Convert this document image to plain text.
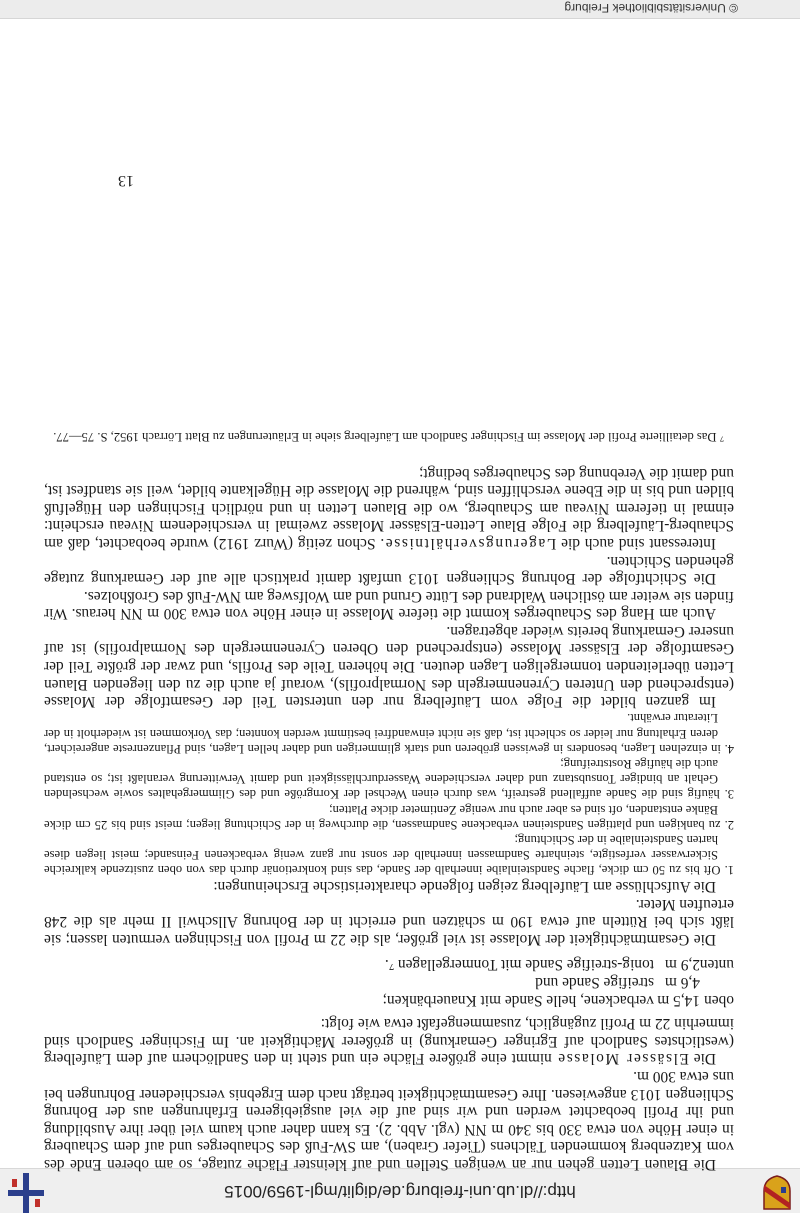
http://dl.ub.uni-freiburg.de/diglit/mgl-1959/0015

Die Blauen Letten gehen nur an wenigen Stellen und auf kleinster Fläche zutage, so am oberen Ende des vom Katzenberg kommenden Tälchens (Tiefer Graben), am SW-Fuß des Schauberges und auf dem Schauberg in einer Höhe von etwa 330 bis 340 m NN (vgl. Abb. 2). Es kann daher auch kaum viel über ihre Ausbildung und ihr Profil beobachtet werden und wir sind auf die viel ausgiebigeren Erfahrungen aus der Bohrung Schliengen 1013 angewiesen. Ihre Gesamtmächtigkeit beträgt nach dem Ergebnis verschiedener Bohrungen bei uns etwa 300 m.

Die Elsässer Molasse nimmt eine größere Fläche ein und steht in den Sandlöchern auf dem Läufelberg (westlichstes Sandloch auf Egringer Gemarkung) in größerer Mächtigkeit an. Im Fischinger Sandloch sind immerhin 22 m Profil zugänglich, zusammengefaßt etwa wie folgt:

oben
14,5 m
verbackene, helle Sande mit Knauerbänken;
4,6 m
streifige Sande und
unten
2,9 m
tonig-streifige Sande mit Tonmergellagen ⁷.

Die Gesamtmächtigkeit der Molasse ist viel größer, als die 22 m Profil von Fischingen vermuten lassen; sie läßt sich bei Rütteln auf etwa 190 m schätzen und erreicht in der Bohrung Allschwil II mehr als die 248 erteuften Meter.

Die Aufschlüsse am Läufelberg zeigen folgende charakteristische Erscheinungen:

1. Oft bis zu 50 cm dicke, flache Sandsteinlaibe innerhalb der Sande, das sind konkretionär durch das von oben zusitzende kalkreiche Sickerwasser verfestigte, steinharte Sandmassen innerhalb der sonst nur ganz wenig verbackenen Feinsande; meist liegen diese harten Sandsteinlaibe in der Schichtung;

2. zu bankigen und plattigen Sandsteinen verbackene Sandmassen, die durchweg in der Schichtung liegen; meist sind bis 25 cm dicke Bänke entstanden, oft sind es aber auch nur wenige Zentimeter dicke Platten;

3. häufig sind die Sande auffallend gestreift, was durch einen Wechsel der Korngröße und des Glimmergehaltes sowie wechselnden Gehalt an bindiger Tonsubstanz und daher verschiedene Wasserdurchlässigkeit und damit Verwitterung veranlaßt ist; so entstand auch die häufige Roststreifung;

4. in einzelnen Lagen, besonders in gewissen gröberen und stark glimmerigen und daher hellen Lagen, sind Pflanzenreste angereichert, deren Erhaltung nur leider so schlecht ist, daß sie nicht einwandfrei bestimmt werden konnten; das Vorkommen ist wiederholt in der Literatur erwähnt.

Im ganzen bildet die Folge vom Läufelberg nur den untersten Teil der Gesamtfolge der Molasse (entsprechend den Unteren Cyrenenmergeln des Normalprofils), worauf ja auch die zu den liegenden Blauen Letten überleitenden tonmergeligen Lagen deuten. Die höheren Teile des Profils, und zwar der größte Teil der Gesamtfolge der Elsässer Molasse (entsprechend den Oberen Cyrenenmergeln des Normalprofils) ist auf unserer Gemarkung bereits wieder abgetragen.

Auch am Hang des Schauberges kommt die tiefere Molasse in einer Höhe von etwa 300 m NN heraus. Wir finden sie weiter am östlichen Waldrand des Lütte Grund und am Wolfsweg am NW-Fuß des Großholzes.

Die Schichtfolge der Bohrung Schliengen 1013 umfaßt damit praktisch alle auf der Gemarkung zutage gehenden Schichten.

Interessant sind auch die Lagerungsverhältnisse. Schon zeitig (Wurz 1912) wurde beobachtet, daß am Schauberg-Läufelberg die Folge Blaue Letten-Elsässer Molasse zweimal in verschiedenem Niveau erscheint: einmal in tieferem Niveau am Schauberg, wo die Blauen Letten in und nördlich Fischingen den Hügelfuß bilden und bis in die Ebene verschliffen sind, während die Molasse die Hügelkante bildet, weil sie standfest ist, und damit die Verebnung des Schauberges bedingt;

⁷ Das detaillierte Profil der Molasse im Fischinger Sandloch am Läufelberg siehe in Erläuterungen zu Blatt Lörrach 1952, S. 75—77.

13
© Universitätsbibliothek Freiburg
